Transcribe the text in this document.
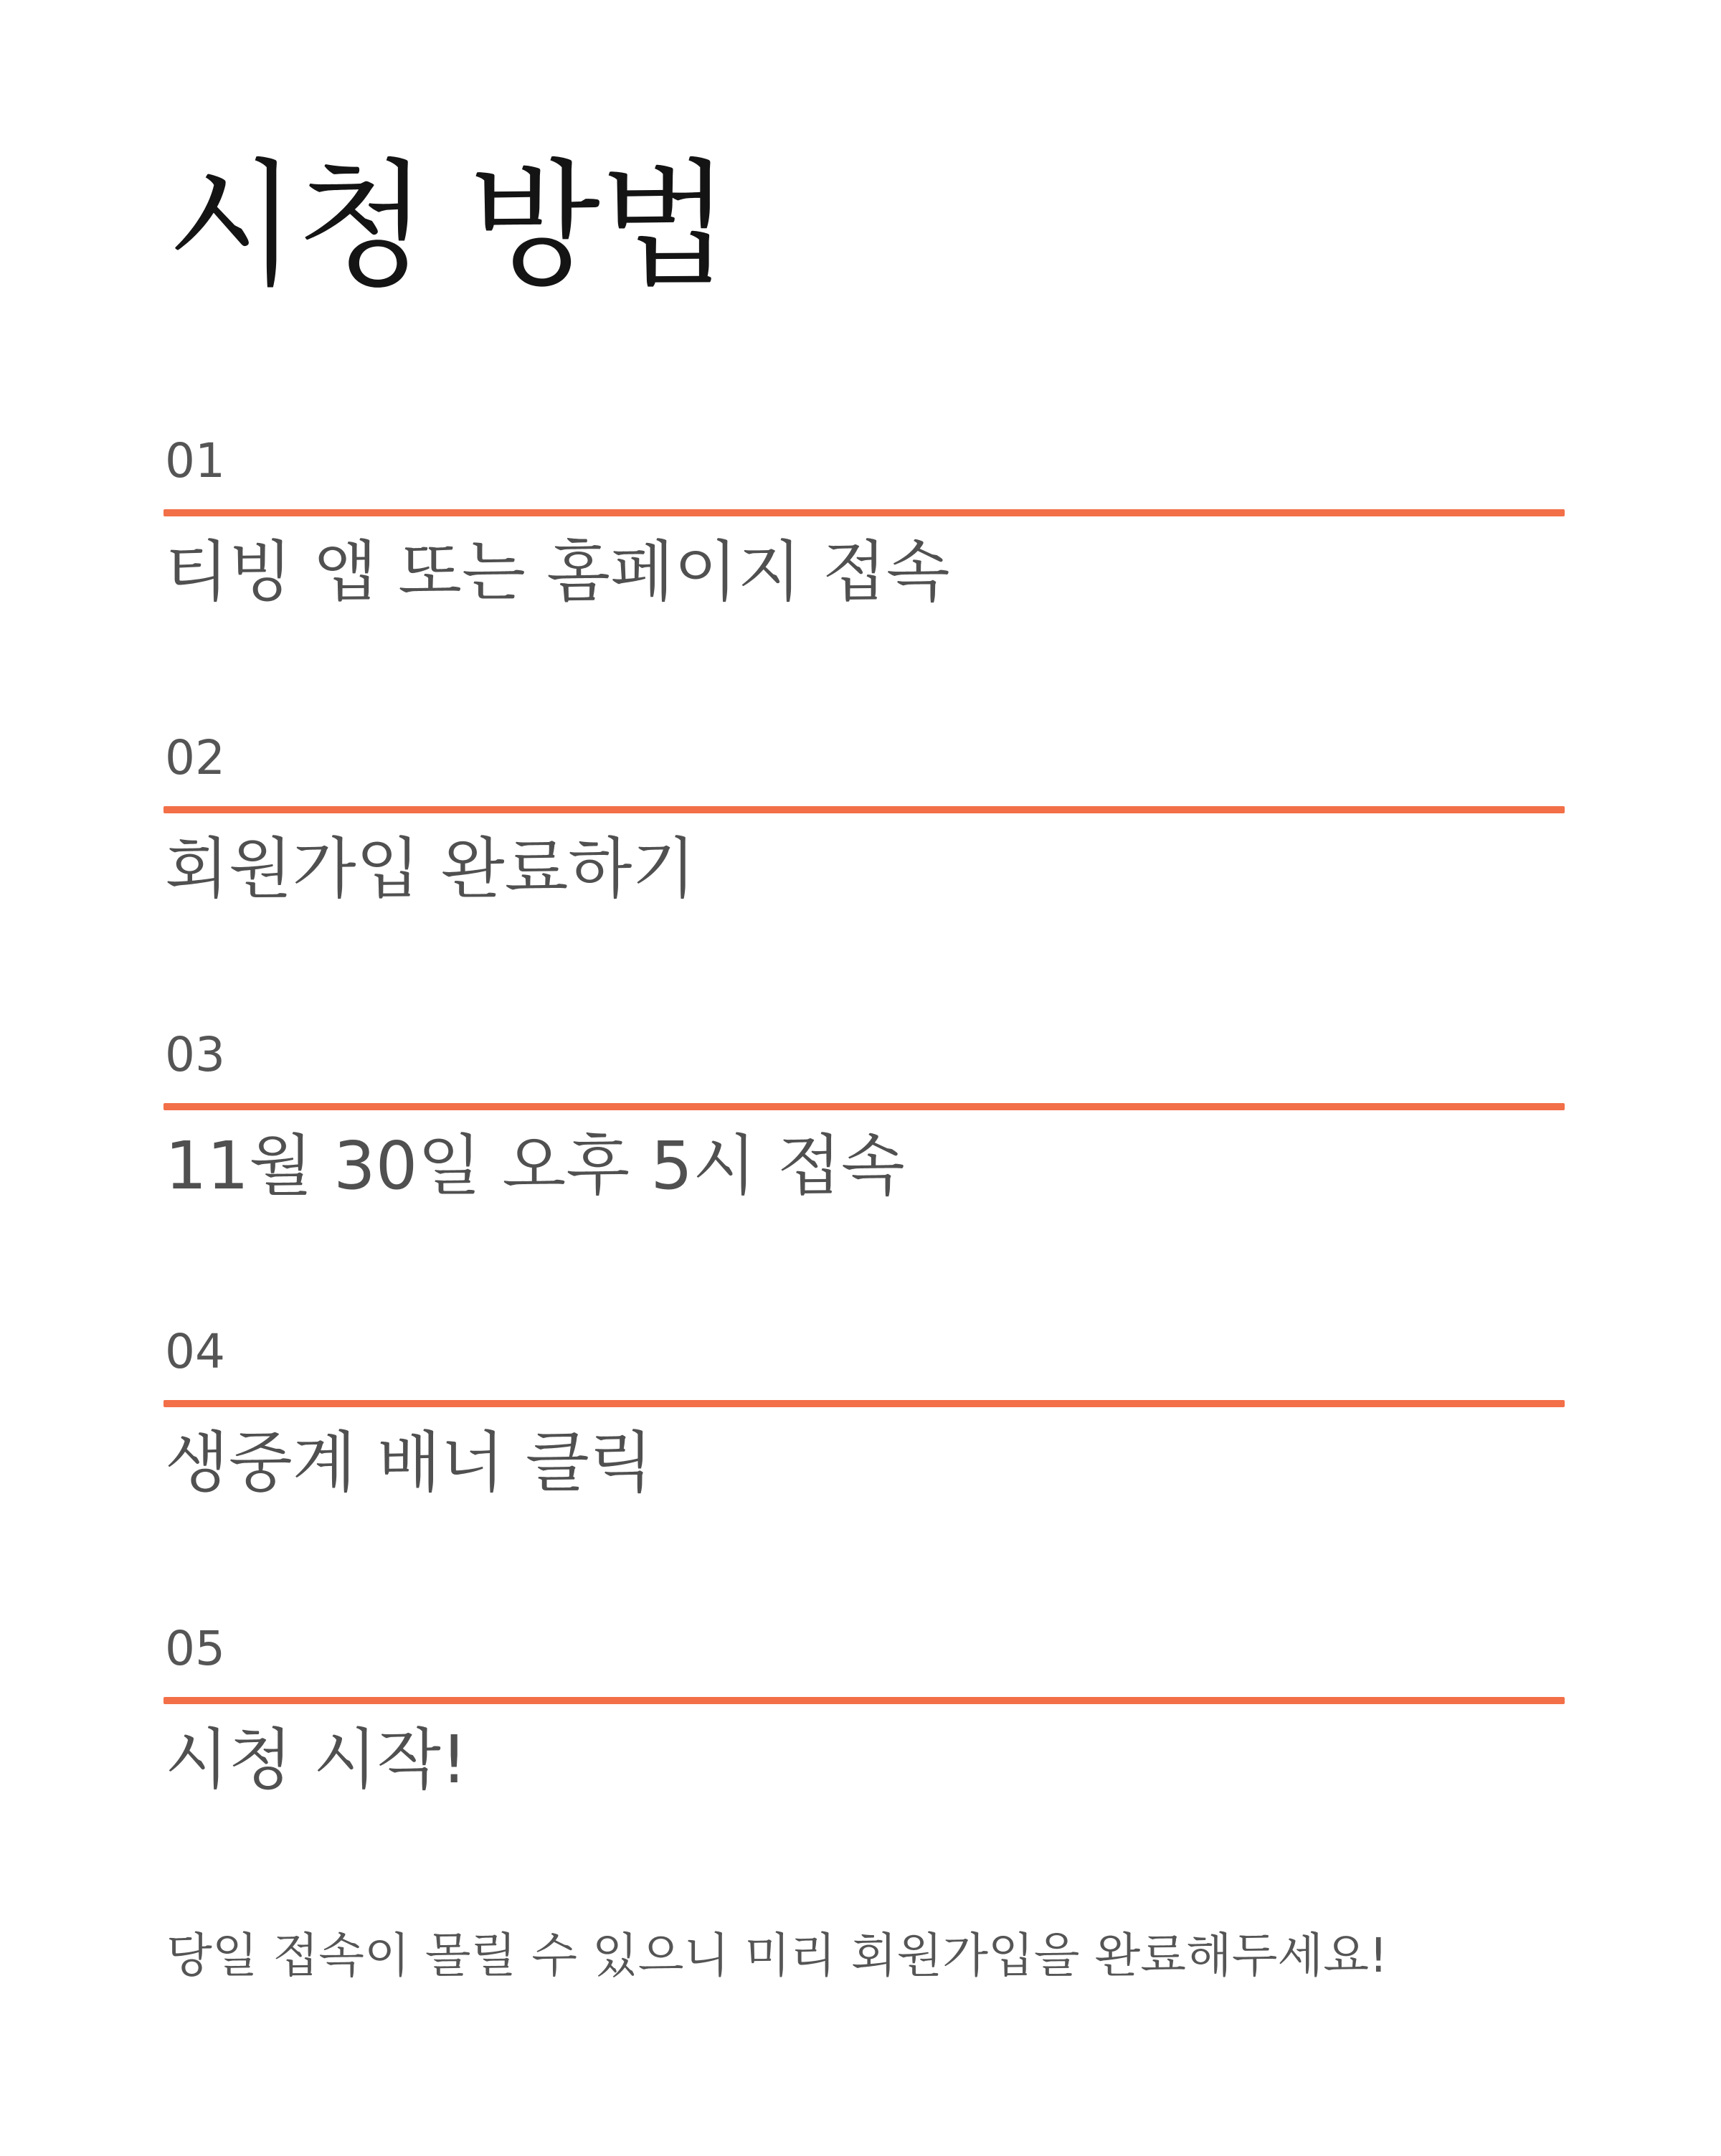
시청 방법
01
티빙 앱 또는 홈페이지 접속
02
회원가입 완료하기
03
11월 30일 오후 5시 접속
04
생중계 배너 클릭
05
시청 시작!

당일 접속이 몰릴 수 있으니 미리 회원가입을 완료해두세요!
